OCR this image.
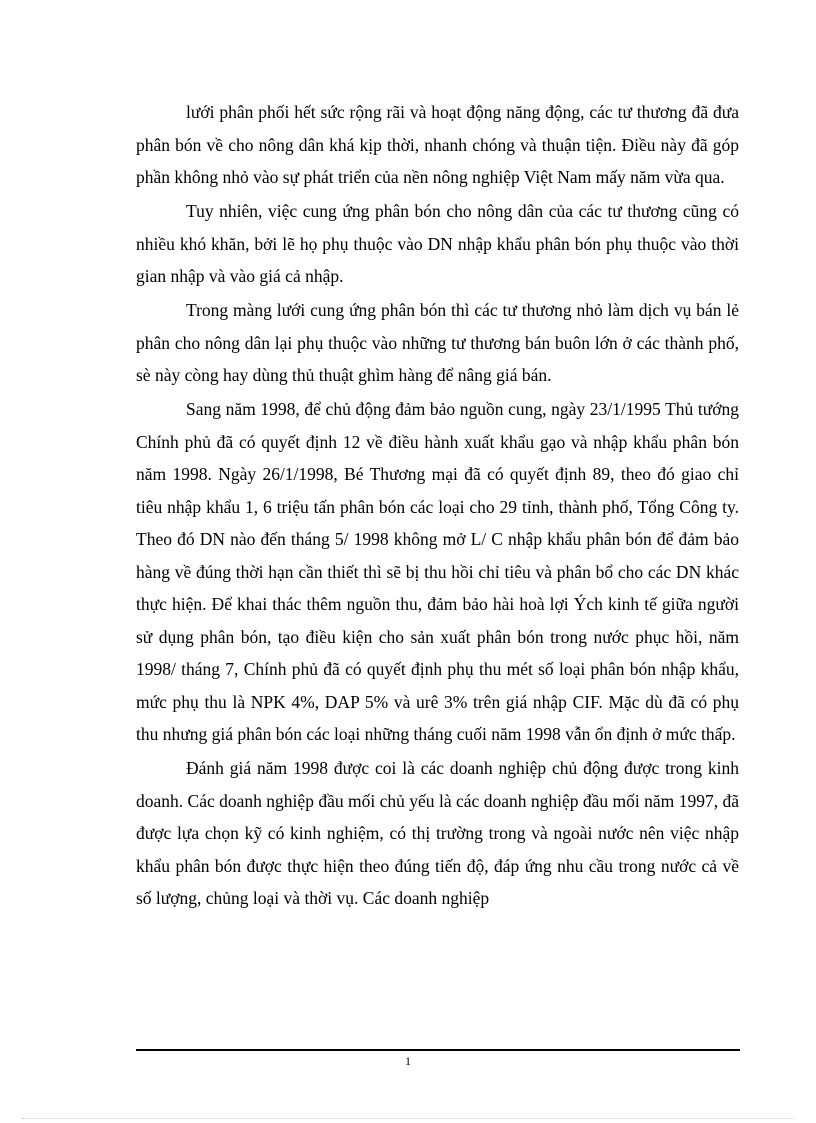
lưới phân phối hết sức rộng rãi và hoạt động năng động, các tư thương đã đưa phân bón về cho nông dân khá kịp thời, nhanh chóng và thuận tiện. Điều này đã góp phần không nhỏ vào sự phát triển của nền nông nghiệp Việt Nam mấy năm vừa qua.

Tuy nhiên, việc cung ứng phân bón cho nông dân của các tư thương cũng có nhiều khó khăn, bởi lẽ họ phụ thuộc vào DN nhập khẩu phân bón phụ thuộc vào thời gian nhập và vào giá cả nhập.

Trong màng lưới cung ứng phân bón thì các tư thương nhỏ làm dịch vụ bán lẻ phân cho nông dân lại phụ thuộc vào những tư thương bán buôn lớn ở các thành phố, sè này còng hay dùng thủ thuật ghìm hàng để nâng giá bán.

Sang năm 1998, để chủ động đảm bảo nguồn cung, ngày 23/1/1995 Thủ tướng Chính phủ đã có quyết định 12 về điều hành xuất khẩu gạo và nhập khẩu phân bón năm 1998. Ngày 26/1/1998, Bé Thương mại đã có quyết định 89, theo đó giao chỉ tiêu nhập khẩu 1, 6 triệu tấn phân bón các loại cho 29 tỉnh, thành phố, Tổng Công ty. Theo đó DN nào đến tháng 5/ 1998 không mở L/ C nhập khẩu phân bón để đảm bảo hàng về đúng thời hạn cần thiết thì sẽ bị thu hồi chỉ tiêu và phân bổ cho các DN khác thực hiện. Để khai thác thêm nguồn thu, đảm bảo hài hoà lợi Ých kinh tế giữa người sử dụng phân bón, tạo điều kiện cho sản xuất phân bón trong nước phục hồi, năm 1998/ tháng 7, Chính phủ đã có quyết định phụ thu mét số loại phân bón nhập khẩu, mức phụ thu là NPK 4%, DAP 5% và urê 3% trên giá nhập CIF. Mặc dù đã có phụ thu nhưng giá phân bón các loại những tháng cuối năm 1998 vẫn ổn định ở mức thấp.

Đánh giá năm 1998 được coi là các doanh nghiệp chủ động được trong kinh doanh. Các doanh nghiệp đầu mối chủ yếu là các doanh nghiệp đầu mối năm 1997, đã được lựa chọn kỹ có kinh nghiệm, có thị trường trong và ngoài nước nên việc nhập khẩu phân bón được thực hiện theo đúng tiến độ, đáp ứng nhu cầu trong nước cả về số lượng, chủng loại và thời vụ. Các doanh nghiệp

1
